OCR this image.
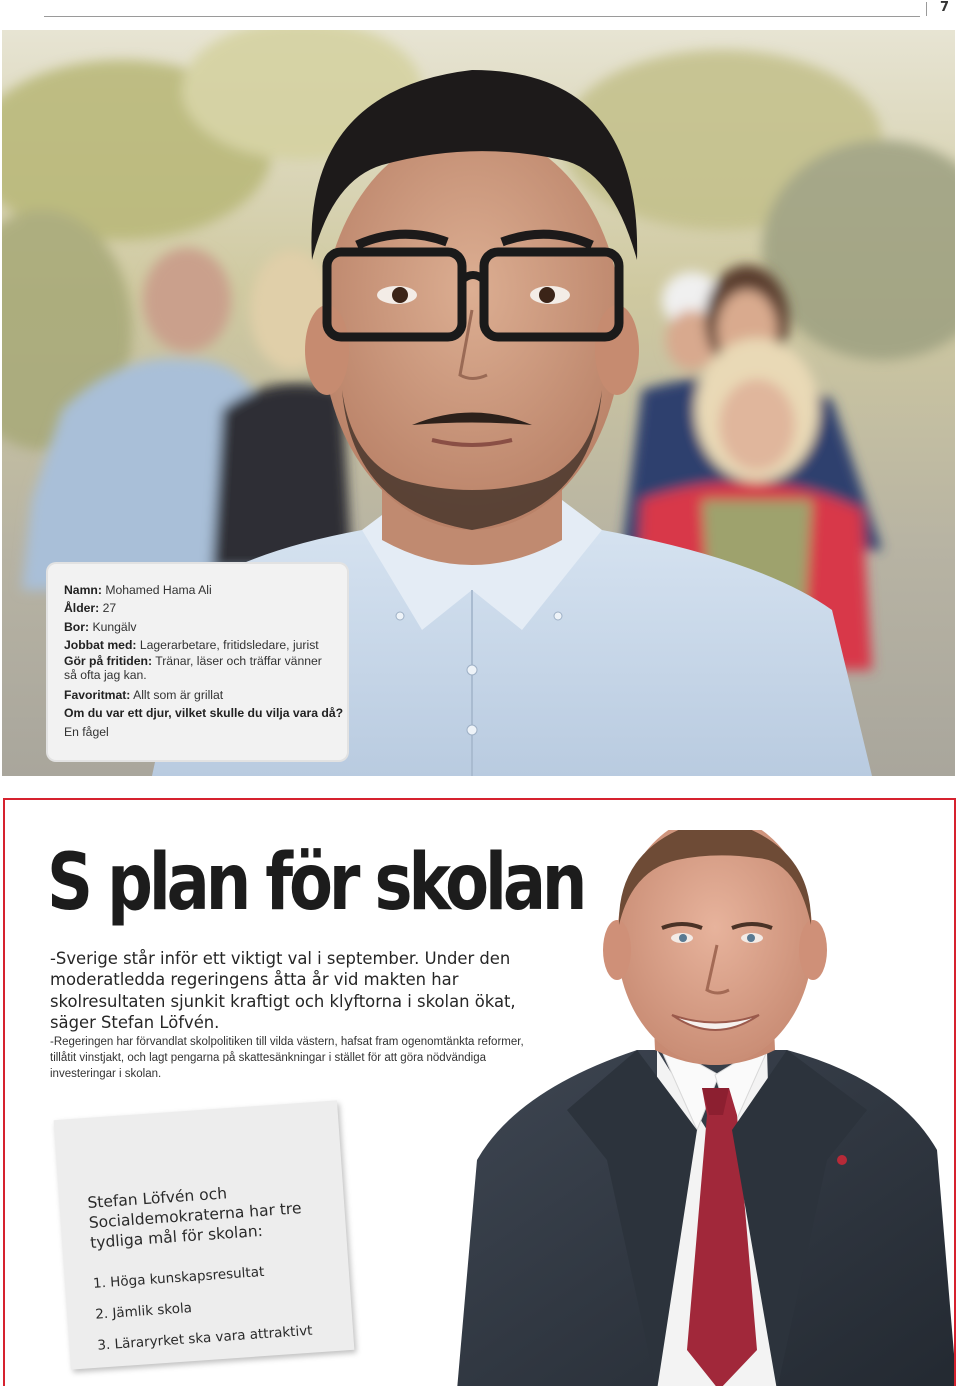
7
Namn: Mohamed Hama Ali
Ålder: 27
Bor: Kungälv
Jobbat med: Lagerarbetare, fritidsledare, jurist
Gör på fritiden: Tränar, läser och träffar vänner så ofta jag kan.
Favoritmat: Allt som är grillat
Om du var ett djur, vilket skulle du vilja vara då?
En fågel
S plan för skolan
-Sverige står inför ett viktigt val i september. Under den moderatledda regeringens åtta år vid makten har skolresultaten sjunkit kraftigt och klyftorna i skolan ökat, säger Stefan Löfvén.
-Regeringen har förvandlat skolpolitiken till vilda västern, hafsat fram ogenomtänkta reformer, tillåtit vinstjakt, och lagt pengarna på skattesänkningar i stället för att göra nödvändiga investeringar i skolan.
Stefan Löfvén och Socialdemokraterna har tre tydliga mål för skolan:
1. Höga kunskapsresultat
2. Jämlik skola
3. Läraryrket ska vara attraktivt
